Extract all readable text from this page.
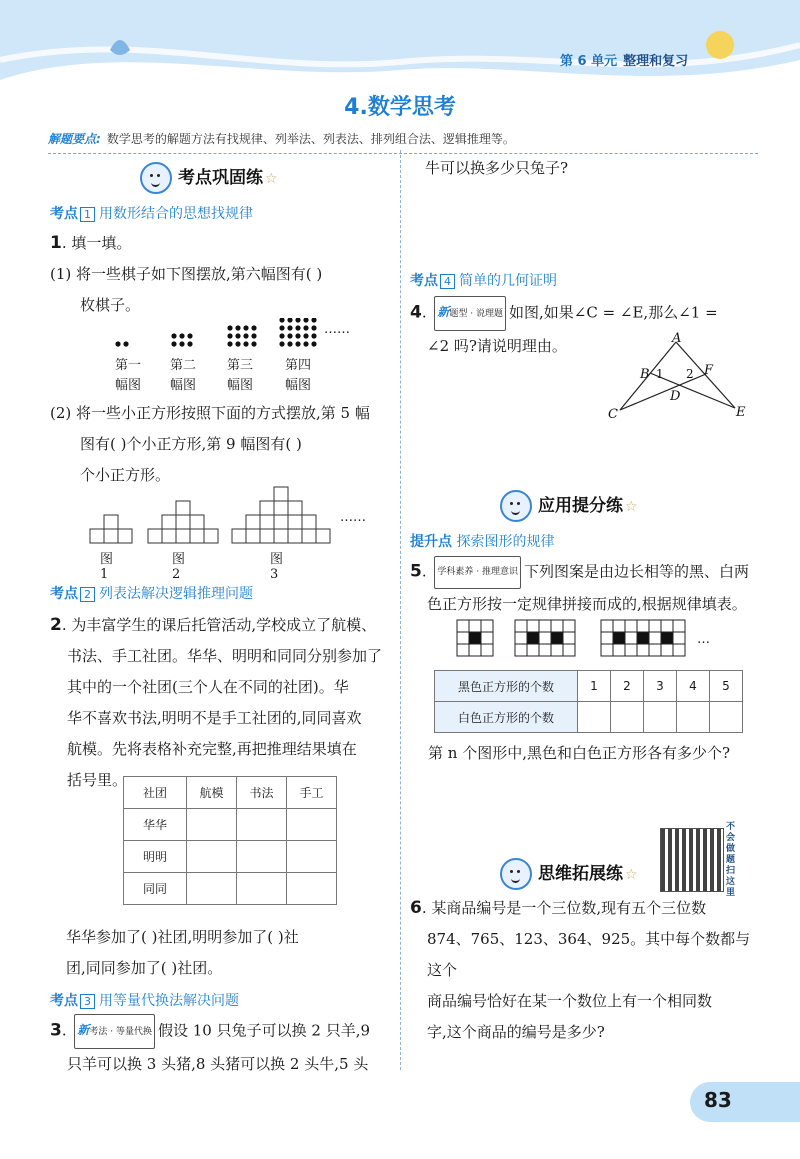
第 6 单元 整理和复习
4.数学思考
解题要点: 数学思考的解题方法有找规律、列举法、列表法、排列组合法、逻辑推理等。
考点巩固练 ☆
考点 1 用数形结合的思想找规律
1. 填一填。
(1) 将一些棋子如下图摆放,第六幅图有( )
枚棋子。
……
第一	第二	第三	第四
幅图	幅图	幅图	幅图
(2) 将一些小正方形按照下面的方式摆放,第 5 幅
图有( )个小正方形,第 9 幅图有( )
个小正方形。
……
图1
图2
图3
考点 2 列表法解决逻辑推理问题
2. 为丰富学生的课后托管活动,学校成立了航模、
书法、手工社团。华华、明明和同同分别参加了
其中的一个社团(三个人在不同的社团)。华
华不喜欢书法,明明不是手工社团的,同同喜欢
航模。先将表格补充完整,再把推理结果填在
括号里。
社团	航模	书法	手工
华华			
明明			
同同			
华华参加了( )社团,明明参加了( )社
团,同同参加了( )社团。
考点 3 用等量代换法解决问题
3. 新考法 · 等量代换 假设 10 只兔子可以换 2 只羊,9
只羊可以换 3 头猪,8 头猪可以换 2 头牛,5 头
牛可以换多少只兔子?
考点 4 简单的几何证明
4. 新题型 · 说理题 如图,如果∠C = ∠E,那么∠1 =
∠2 吗?请说明理由。	A
B
C
D
E
F
1 2
应用提分练 ☆
提升点 探索图形的规律
5. 学科素养 · 推理意识 下列图案是由边长相等的黑、白两
色正方形按一定规律拼接而成的,根据规律填表。
…
黑色正方形的个数	1	2	3	4	5
白色正方形的个数					
第 n 个图形中,黑色和白色正方形各有多少个?
不会做题扫这里
思维拓展练 ☆
6. 某商品编号是一个三位数,现有五个三位数
874、765、123、364、925。其中每个数都与这个
商品编号恰好在某一个数位上有一个相同数
字,这个商品的编号是多少?
83
